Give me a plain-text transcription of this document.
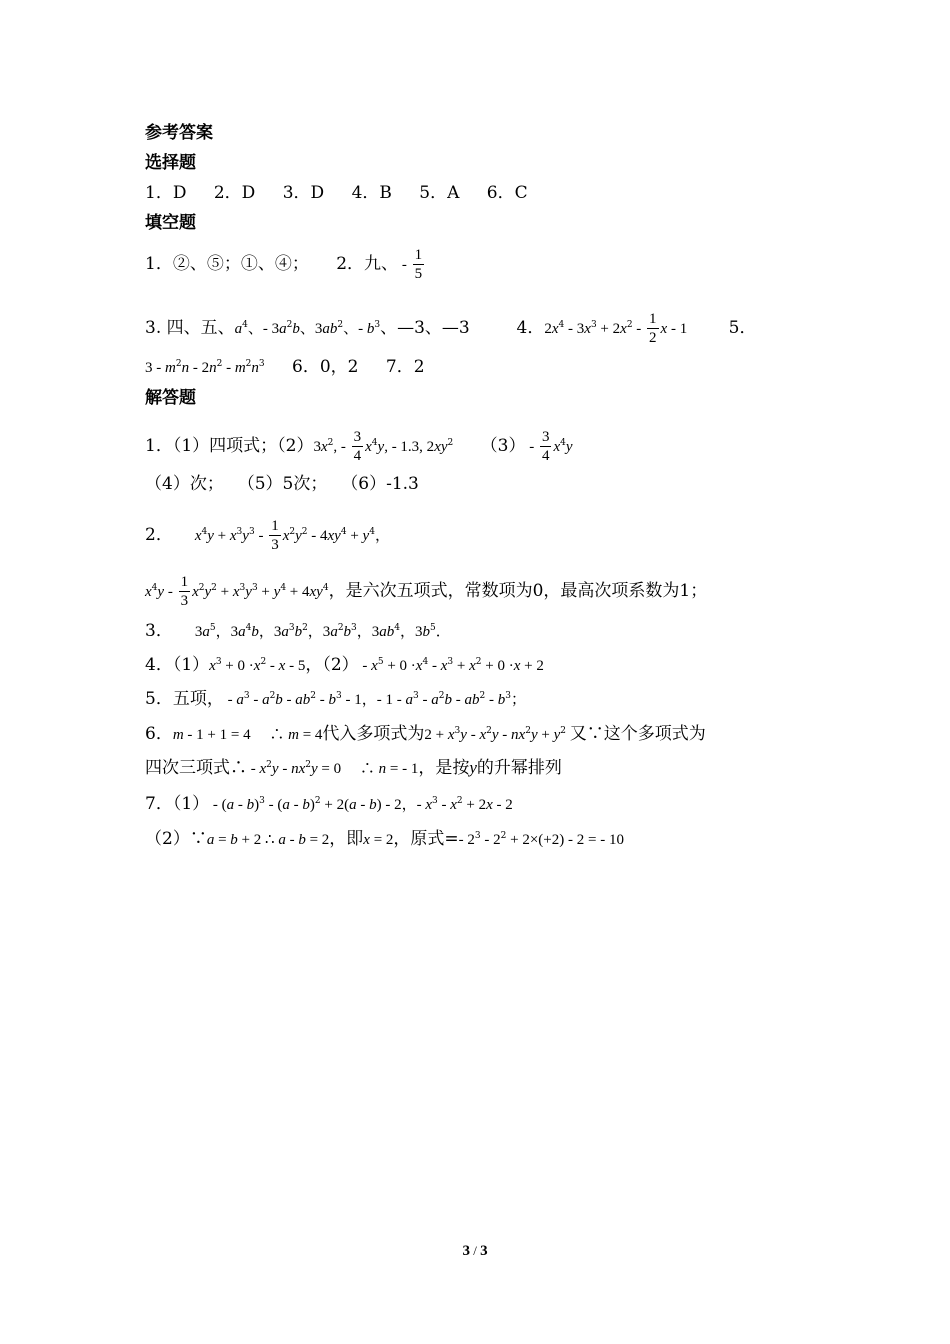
参考答案
选择题
1．D 2．D 3．D 4．B 5．A 6．C
填空题
1．②、⑤；①、④； 2．九、 - $\frac{1}{5}$
3. 四、五、$a^4$、- $3a^2b$、$3ab^2$、- $b^3$、—3、—3	4．$2x^4 - 3x^3 + 2x^2 - \frac{1}{2}$ x - 1 5．
$3 - m^2n - 2n^2 - m^2n^3$ 6．0，2 7．2
解答题
1．（1）四项式；$(2)3x^2$, - $\frac{3}{4} x^4y$, - 1.3, $2xy^2$ $(3) - \frac{3}{4} x^4y$
（4）次；　 （5）5次；　 （6）-1.3
2． $x^4y + x^3y^3 - \frac{1}{3} x^2y^2 - 4xy^4 + y^4$，
$x^4y - \frac{1}{3} x^2y^2 + x^3y^3 + y^4 + 4xy^4$，是六次五项式，常数项为0，最高次项系数为1；
3． $3a^5$，$3a^4b$，$3a^3b^2$，$3a^2b^3$，$3ab^4$，$3b^5$．
4．$(1)x^3 + 0 \cdot x^2 - x - 5$，$(2) - x^5 + 0 \cdot x^4 - x^3 + x^2 + 0 \cdot x + 2$
5．五项， - $a^3 - a^2b - ab^2 - b^3 - 1$，- $1 - a^3 - a^2b - ab^2 - b^3$；
6．m - 1 + 1 = 4 　∴ m = 4代入多项式为$2 + x^3y - x^2y - nx^2y + y^2$ 又∵这个多项式为
四次三项式∴ - $x^2y - nx^2y = 0$ 　∴ n = - 1，是按y的升幂排列
7．（1） - (a - b)$^3$ - (a - b)$^2$ + 2(a - b) - 2，- $x^3 - x^2 + 2x - 2$
（2）∵a = b + 2 ∴ a - b = 2，即x = 2，原式=- $2^3 - 2^2 + 2\times(+2) - 2$ = - 10
3 / 3
